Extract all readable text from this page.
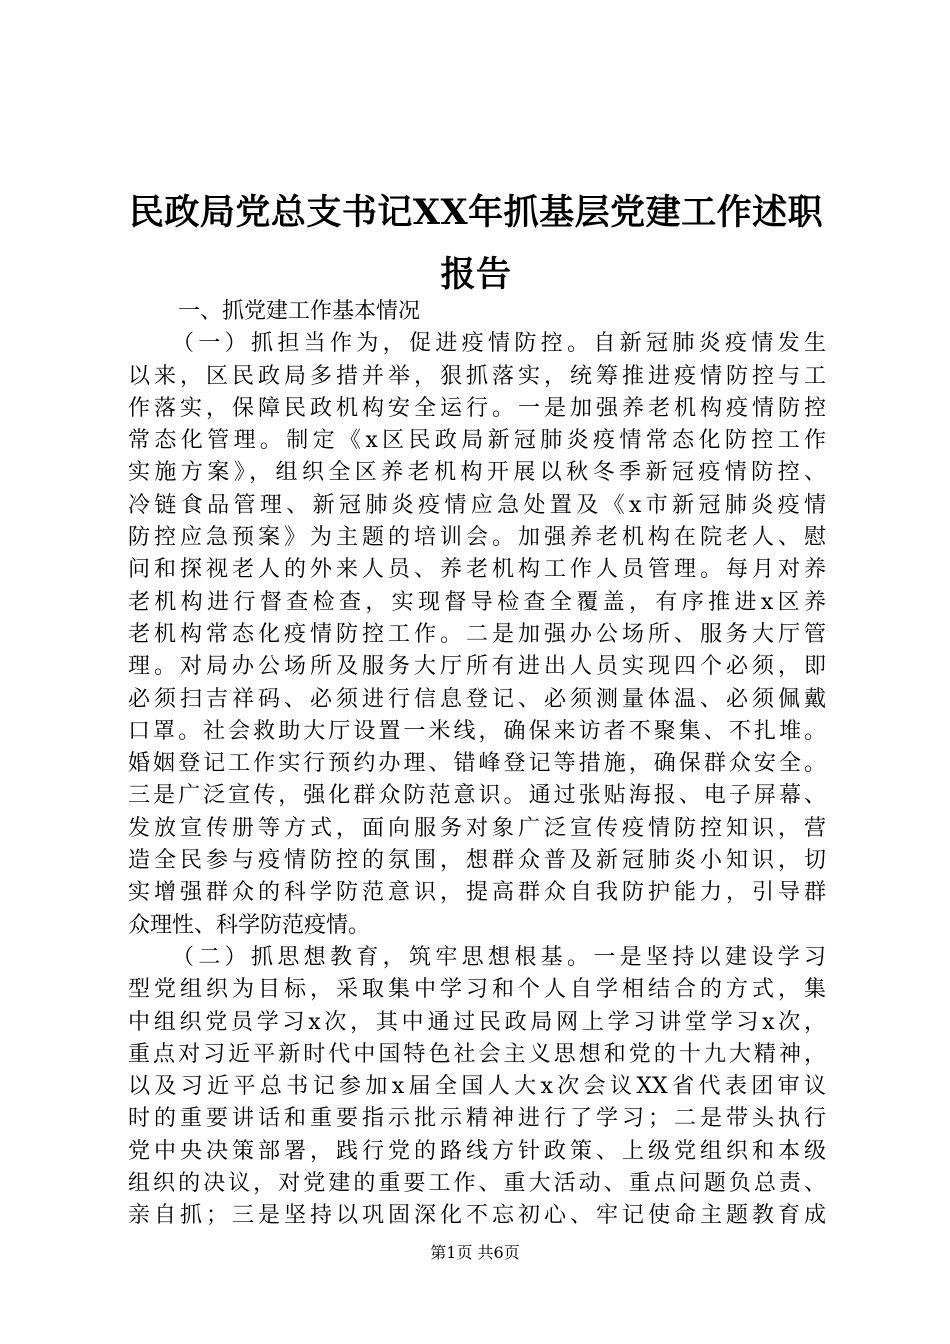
民政局党总支书记XX年抓基层党建工作述职
报告
一、抓党建工作基本情况
（一）抓担当作为，促进疫情防控。自新冠肺炎疫情发生
以来，区民政局多措并举，狠抓落实，统筹推进疫情防控与工
作落实，保障民政机构安全运行。一是加强养老机构疫情防控
常态化管理。制定《x区民政局新冠肺炎疫情常态化防控工作
实施方案》，组织全区养老机构开展以秋冬季新冠疫情防控、
冷链食品管理、新冠肺炎疫情应急处置及《x市新冠肺炎疫情
防控应急预案》为主题的培训会。加强养老机构在院老人、慰
问和探视老人的外来人员、养老机构工作人员管理。每月对养
老机构进行督查检查，实现督导检查全覆盖，有序推进x区养
老机构常态化疫情防控工作。二是加强办公场所、服务大厅管
理。对局办公场所及服务大厅所有进出人员实现四个必须，即
必须扫吉祥码、必须进行信息登记、必须测量体温、必须佩戴
口罩。社会救助大厅设置一米线，确保来访者不聚集、不扎堆。
婚姻登记工作实行预约办理、错峰登记等措施，确保群众安全。
三是广泛宣传，强化群众防范意识。通过张贴海报、电子屏幕、
发放宣传册等方式，面向服务对象广泛宣传疫情防控知识，营
造全民参与疫情防控的氛围，想群众普及新冠肺炎小知识，切
实增强群众的科学防范意识，提高群众自我防护能力，引导群
众理性、科学防范疫情。
（二）抓思想教育，筑牢思想根基。一是坚持以建设学习
型党组织为目标，采取集中学习和个人自学相结合的方式，集
中组织党员学习x次，其中通过民政局网上学习讲堂学习x次，
重点对习近平新时代中国特色社会主义思想和党的十九大精神，
以及习近平总书记参加x届全国人大x次会议XX省代表团审议
时的重要讲话和重要指示批示精神进行了学习；二是带头执行
党中央决策部署，践行党的路线方针政策、上级党组织和本级
组织的决议，对党建的重要工作、重大活动、重点问题负总责、
亲自抓；三是坚持以巩固深化不忘初心、牢记使命主题教育成
第1页 共6页
